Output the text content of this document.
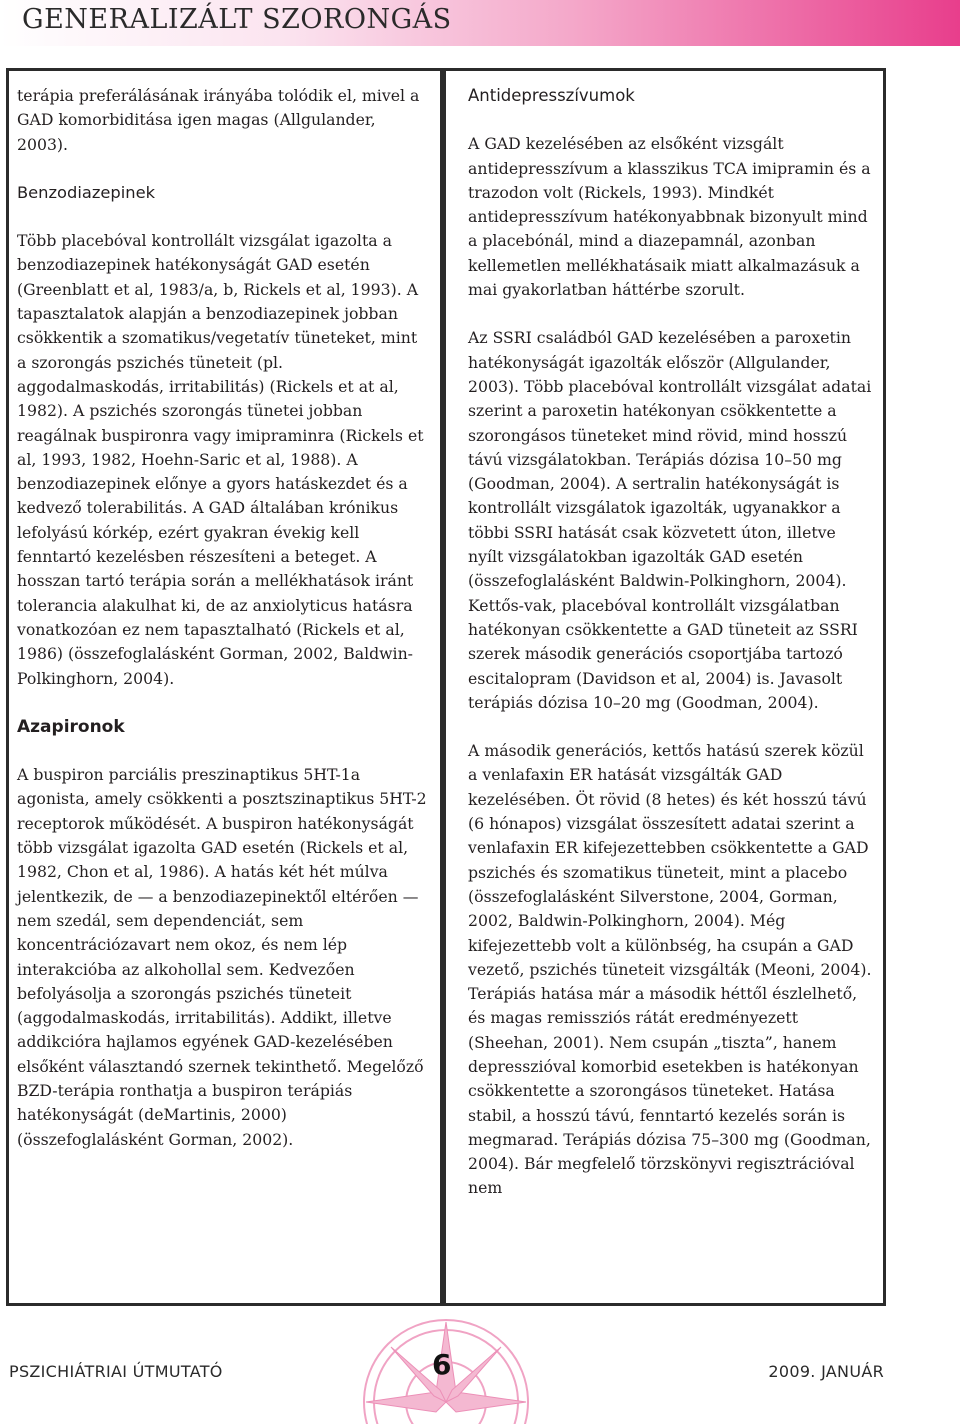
GENERALIZÁLT SZORONGÁS

terápia preferálásának irányába tolódik el, mivel a GAD komorbiditása igen magas (Allgulander, 2003).

Benzodiazepinek

Több placebóval kontrollált vizsgálat igazolta a benzodiazepinek hatékonyságát GAD esetén (Greenblatt et al, 1983/a, b, Rickels et al, 1993). A tapasztalatok alapján a benzodiazepinek jobban csökkentik a szomatikus/vegetatív tüneteket, mint a szorongás pszichés tüneteit (pl. aggodalmaskodás, irritabilitás) (Rickels et at al, 1982). A pszichés szorongás tünetei jobban reagálnak buspironra vagy imipraminra (Rickels et al, 1993, 1982, Hoehn-Saric et al, 1988). A benzodiazepinek előnye a gyors hatáskezdet és a kedvező tolerabilitás. A GAD általában krónikus lefolyású kórkép, ezért gyakran évekig kell fenntartó kezelésben részesíteni a beteget. A hosszan tartó terápia során a mellékhatások iránt tolerancia alakulhat ki, de az anxiolyticus hatásra vonatkozóan ez nem tapasztalható (Rickels et al, 1986) (összefoglalásként Gorman, 2002, Baldwin-Polkinghorn, 2004).

Azapironok

A buspiron parciális preszinaptikus 5HT-1a agonista, amely csökkenti a posztszinaptikus 5HT-2 receptorok működését. A buspiron hatékonyságát több vizsgálat igazolta GAD esetén (Rickels et al, 1982, Chon et al, 1986). A hatás két hét múlva jelentkezik, de — a benzodiazepinektől eltérően — nem szedál, sem dependenciát, sem koncentrációzavart nem okoz, és nem lép interakcióba az alkohollal sem. Kedvezően befolyásolja a szorongás pszichés tüneteit (aggodalmaskodás, irritabilitás). Addikt, illetve addikcióra hajlamos egyének GAD-kezelésében elsőként választandó szernek tekinthető. Megelőző BZD-terápia ronthatja a buspiron terápiás hatékonyságát (deMartinis, 2000) (összefoglalásként Gorman, 2002).

Antidepresszívumok

A GAD kezelésében az elsőként vizsgált antidepresszívum a klasszikus TCA imipramin és a trazodon volt (Rickels, 1993). Mindkét antidepresszívum hatékonyabbnak bizonyult mind a placebónál, mind a diazepamnál, azonban kellemetlen mellékhatásaik miatt alkalmazásuk a mai gyakorlatban háttérbe szorult.

Az SSRI családból GAD kezelésében a paroxetin hatékonyságát igazolták először (Allgulander, 2003). Több placebóval kontrollált vizsgálat adatai szerint a paroxetin hatékonyan csökkentette a szorongásos tüneteket mind rövid, mind hosszú távú vizsgálatokban. Terápiás dózisa 10–50 mg (Goodman, 2004). A sertralin hatékonyságát is kontrollált vizsgálatok igazolták, ugyanakkor a többi SSRI hatását csak közvetett úton, illetve nyílt vizsgálatokban igazolták GAD esetén (összefoglalásként Baldwin-Polkinghorn, 2004). Kettős-vak, placebóval kontrollált vizsgálatban hatékonyan csökkentette a GAD tüneteit az SSRI szerek második generációs csoportjába tartozó escitalopram (Davidson et al, 2004) is. Javasolt terápiás dózisa 10–20 mg (Goodman, 2004).

A második generációs, kettős hatású szerek közül a venlafaxin ER hatását vizsgálták GAD kezelésében. Öt rövid (8 hetes) és két hosszú távú (6 hónapos) vizsgálat összesített adatai szerint a venlafaxin ER kifejezettebben csökkentette a GAD pszichés és szomatikus tüneteit, mint a placebo (összefoglalásként Silverstone, 2004, Gorman, 2002, Baldwin-Polkinghorn, 2004). Még kifejezettebb volt a különbség, ha csupán a GAD vezető, pszichés tüneteit vizsgálták (Meoni, 2004). Terápiás hatása már a második héttől észlelhető, és magas remissziós rátát eredményezett (Sheehan, 2001). Nem csupán „tiszta”, hanem depresszióval komorbid esetekben is hatékonyan csökkentette a szorongásos tüneteket. Hatása stabil, a hosszú távú, fenntartó kezelés során is megmarad. Terápiás dózisa 75–300 mg (Goodman, 2004). Bár megfelelő törzskönyvi regisztrációval nem

PSZICHIÁTRIAI ÚTMUTATÓ	6	2009. JANUÁR
